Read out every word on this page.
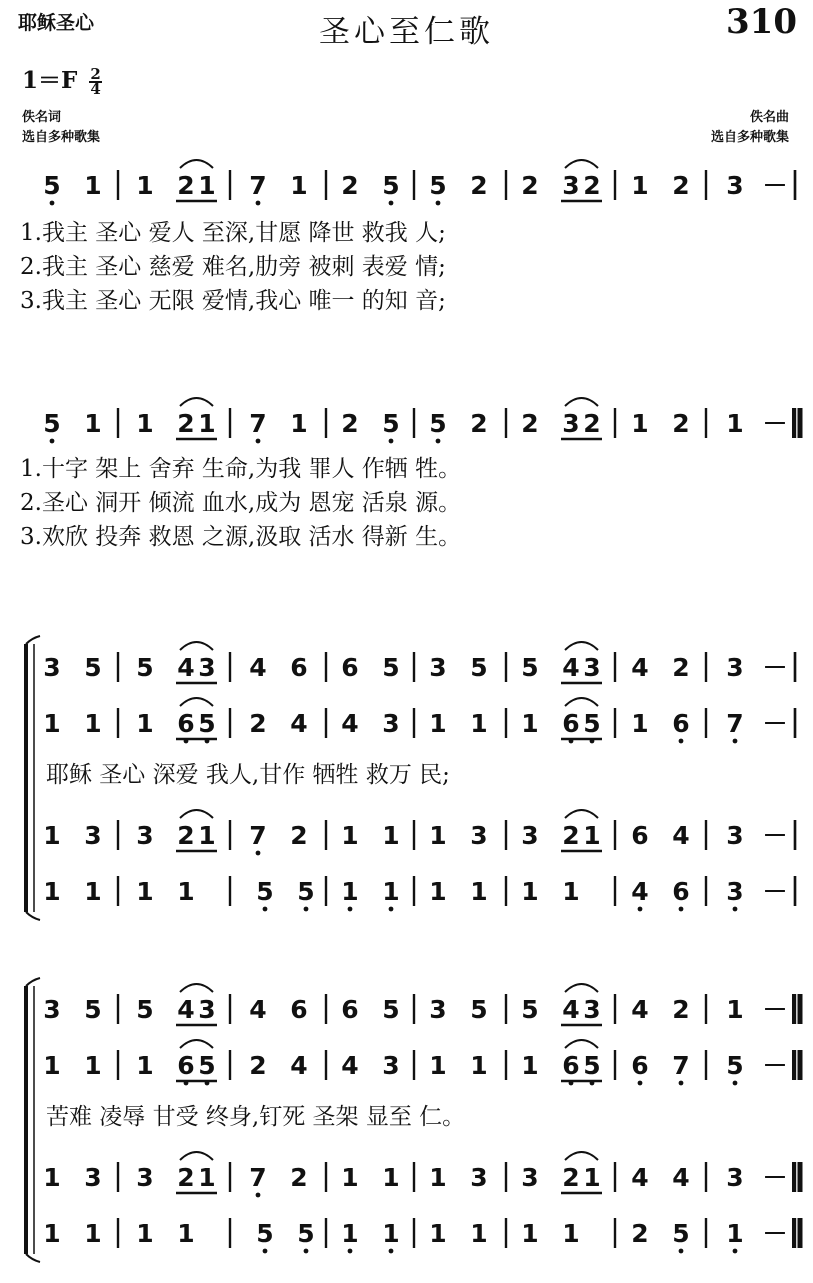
耶稣圣心	圣心至仁歌	310
$1=F \frac{2}{4}$
佚名词
选自多种歌集
佚名曲
选自多种歌集
5 1 1 2 1 7 1 2 5 5 2 2 3 2 1 2 3 －
1.我主 圣心 爱人 至深,甘愿 降世 救我 人;
2.我主 圣心 慈爱 难名,肋旁 被刺 表爱 情;
3.我主 圣心 无限 爱情,我心 唯一 的知 音;
5 1 1 2 1 7 1 2 5 5 2 2 3 2 1 2 1 －
1.十字 架上 舍弃 生命,为我 罪人 作牺 牲。
2.圣心 洞开 倾流 血水,成为 恩宠 活泉 源。
3.欢欣 投奔 救恩 之源,汲取 活水 得新 生。
3 5 5 4 3 4 6 6 5 3 5 5 4 3 4 2 3 －
1 1 1 6 5 2 4 4 3 1 1 1 6 5 1 6 7 －
耶稣 圣心 深爱 我人,甘作 牺牲 救万 民;
1 3 3 2 1 7 2 1 1 1 3 3 2 1 6 4 3 －
1 1 1 1 5 5 1 1 1 1 1 1 4 6 3 －
3 5 5 4 3 4 6 6 5 3 5 5 4 3 4 2 1 －
1 1 1 6 5 2 4 4 3 1 1 1 6 5 6 7 5 －
苦难 凌辱 甘受 终身,钉死 圣架 显至 仁。
1 3 3 2 1 7 2 1 1 1 3 3 2 1 4 4 3 －
1 1 1 1 5 5 1 1 1 1 1 1 2 5 1 －
